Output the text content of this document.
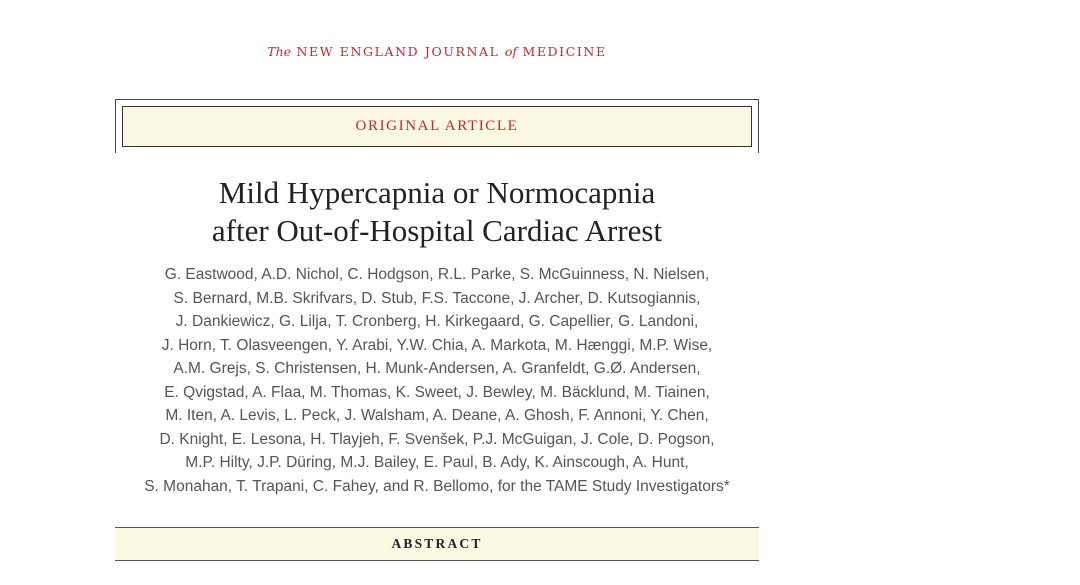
The NEW ENGLAND JOURNAL of MEDICINE
ORIGINAL ARTICLE
Mild Hypercapnia or Normocapnia
after Out-of-Hospital Cardiac Arrest
G. Eastwood, A.D. Nichol, C. Hodgson, R.L. Parke, S. McGuinness, N. Nielsen,
S. Bernard, M.B. Skrifvars, D. Stub, F.S. Taccone, J. Archer, D. Kutsogiannis,
J. Dankiewicz, G. Lilja, T. Cronberg, H. Kirkegaard, G. Capellier, G. Landoni,
J. Horn, T. Olasveengen, Y. Arabi, Y.W. Chia, A. Markota, M. Hænggi, M.P. Wise,
A.M. Grejs, S. Christensen, H. Munk-Andersen, A. Granfeldt, G.Ø. Andersen,
E. Qvigstad, A. Flaa, M. Thomas, K. Sweet, J. Bewley, M. Bäcklund, M. Tiainen,
M. Iten, A. Levis, L. Peck, J. Walsham, A. Deane, A. Ghosh, F. Annoni, Y. Chen,
D. Knight, E. Lesona, H. Tlayjeh, F. Svenšek, P.J. McGuigan, J. Cole, D. Pogson,
M.P. Hilty, J.P. Düring, M.J. Bailey, E. Paul, B. Ady, K. Ainscough, A. Hunt,
S. Monahan, T. Trapani, C. Fahey, and R. Bellomo, for the TAME Study Investigators*
ABSTRACT
